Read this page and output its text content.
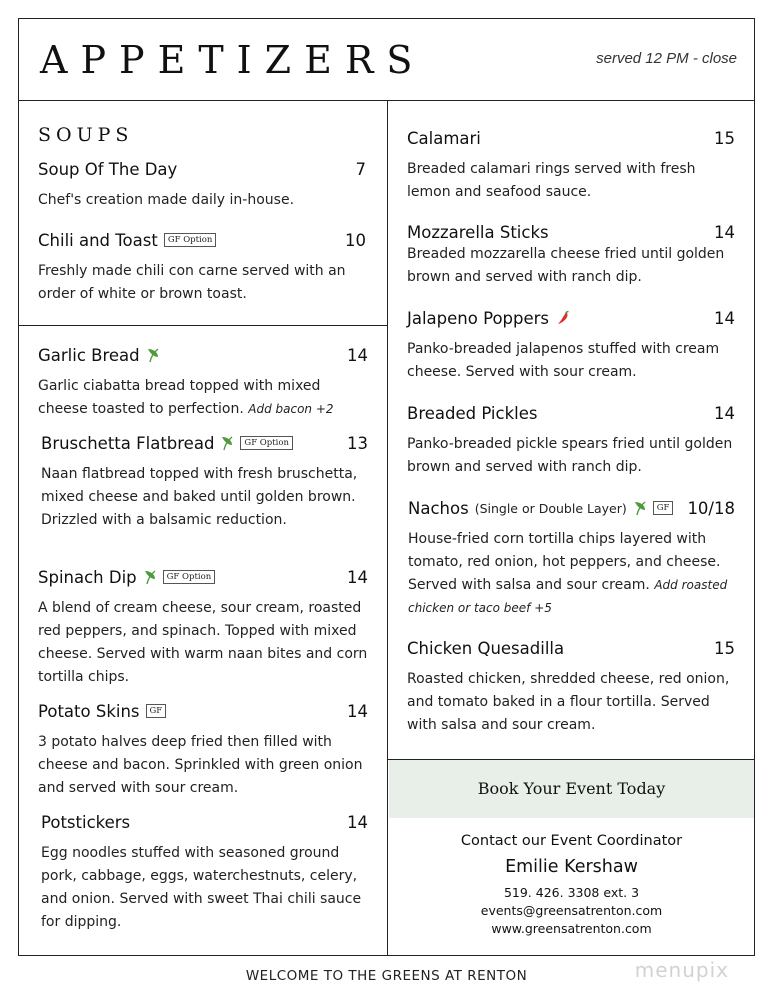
APPETIZERS	served 12 PM - close
SOUPS
Soup Of The Day	7
Chef's creation made daily in-house.
Chili and Toast	GF Option	10
Freshly made chili con carne served with an order of white or brown toast.
Garlic Bread	14
Garlic ciabatta bread topped with mixed cheese toasted to perfection. Add bacon +2
Bruschetta Flatbread	GF Option	13
Naan flatbread topped with fresh bruschetta, mixed cheese and baked until golden brown. Drizzled with a balsamic reduction.
Spinach Dip	GF Option	14
A blend of cream cheese, sour cream, roasted red peppers, and spinach. Topped with mixed cheese. Served with warm naan bites and corn tortilla chips.
Potato Skins	GF	14
3 potato halves deep fried then filled with cheese and bacon. Sprinkled with green onion and served with sour cream.
Potstickers	14
Egg noodles stuffed with seasoned ground pork, cabbage, eggs, waterchestnuts, celery, and onion. Served with sweet Thai chili sauce for dipping.
Calamari	15
Breaded calamari rings served with fresh lemon and seafood sauce.
Mozzarella Sticks	14
Breaded mozzarella cheese fried until golden brown and served with ranch dip.
Jalapeno Poppers	14
Panko-breaded jalapenos stuffed with cream cheese. Served with sour cream.
Breaded Pickles	14
Panko-breaded pickle spears fried until golden brown and served with ranch dip.
Nachos (Single or Double Layer)	GF 10/18
House-fried corn tortilla chips layered with tomato, red onion, hot peppers, and cheese. Served with salsa and sour cream. Add roasted chicken or taco beef +5
Chicken Quesadilla	15
Roasted chicken, shredded cheese, red onion, and tomato baked in a flour tortilla. Served with salsa and sour cream.
Book Your Event Today
Contact our Event Coordinator
Emilie Kershaw
519. 426. 3308 ext. 3
events@greensatrenton.com
www.greensatrenton.com
WELCOME TO THE GREENS AT RENTON	menupix
